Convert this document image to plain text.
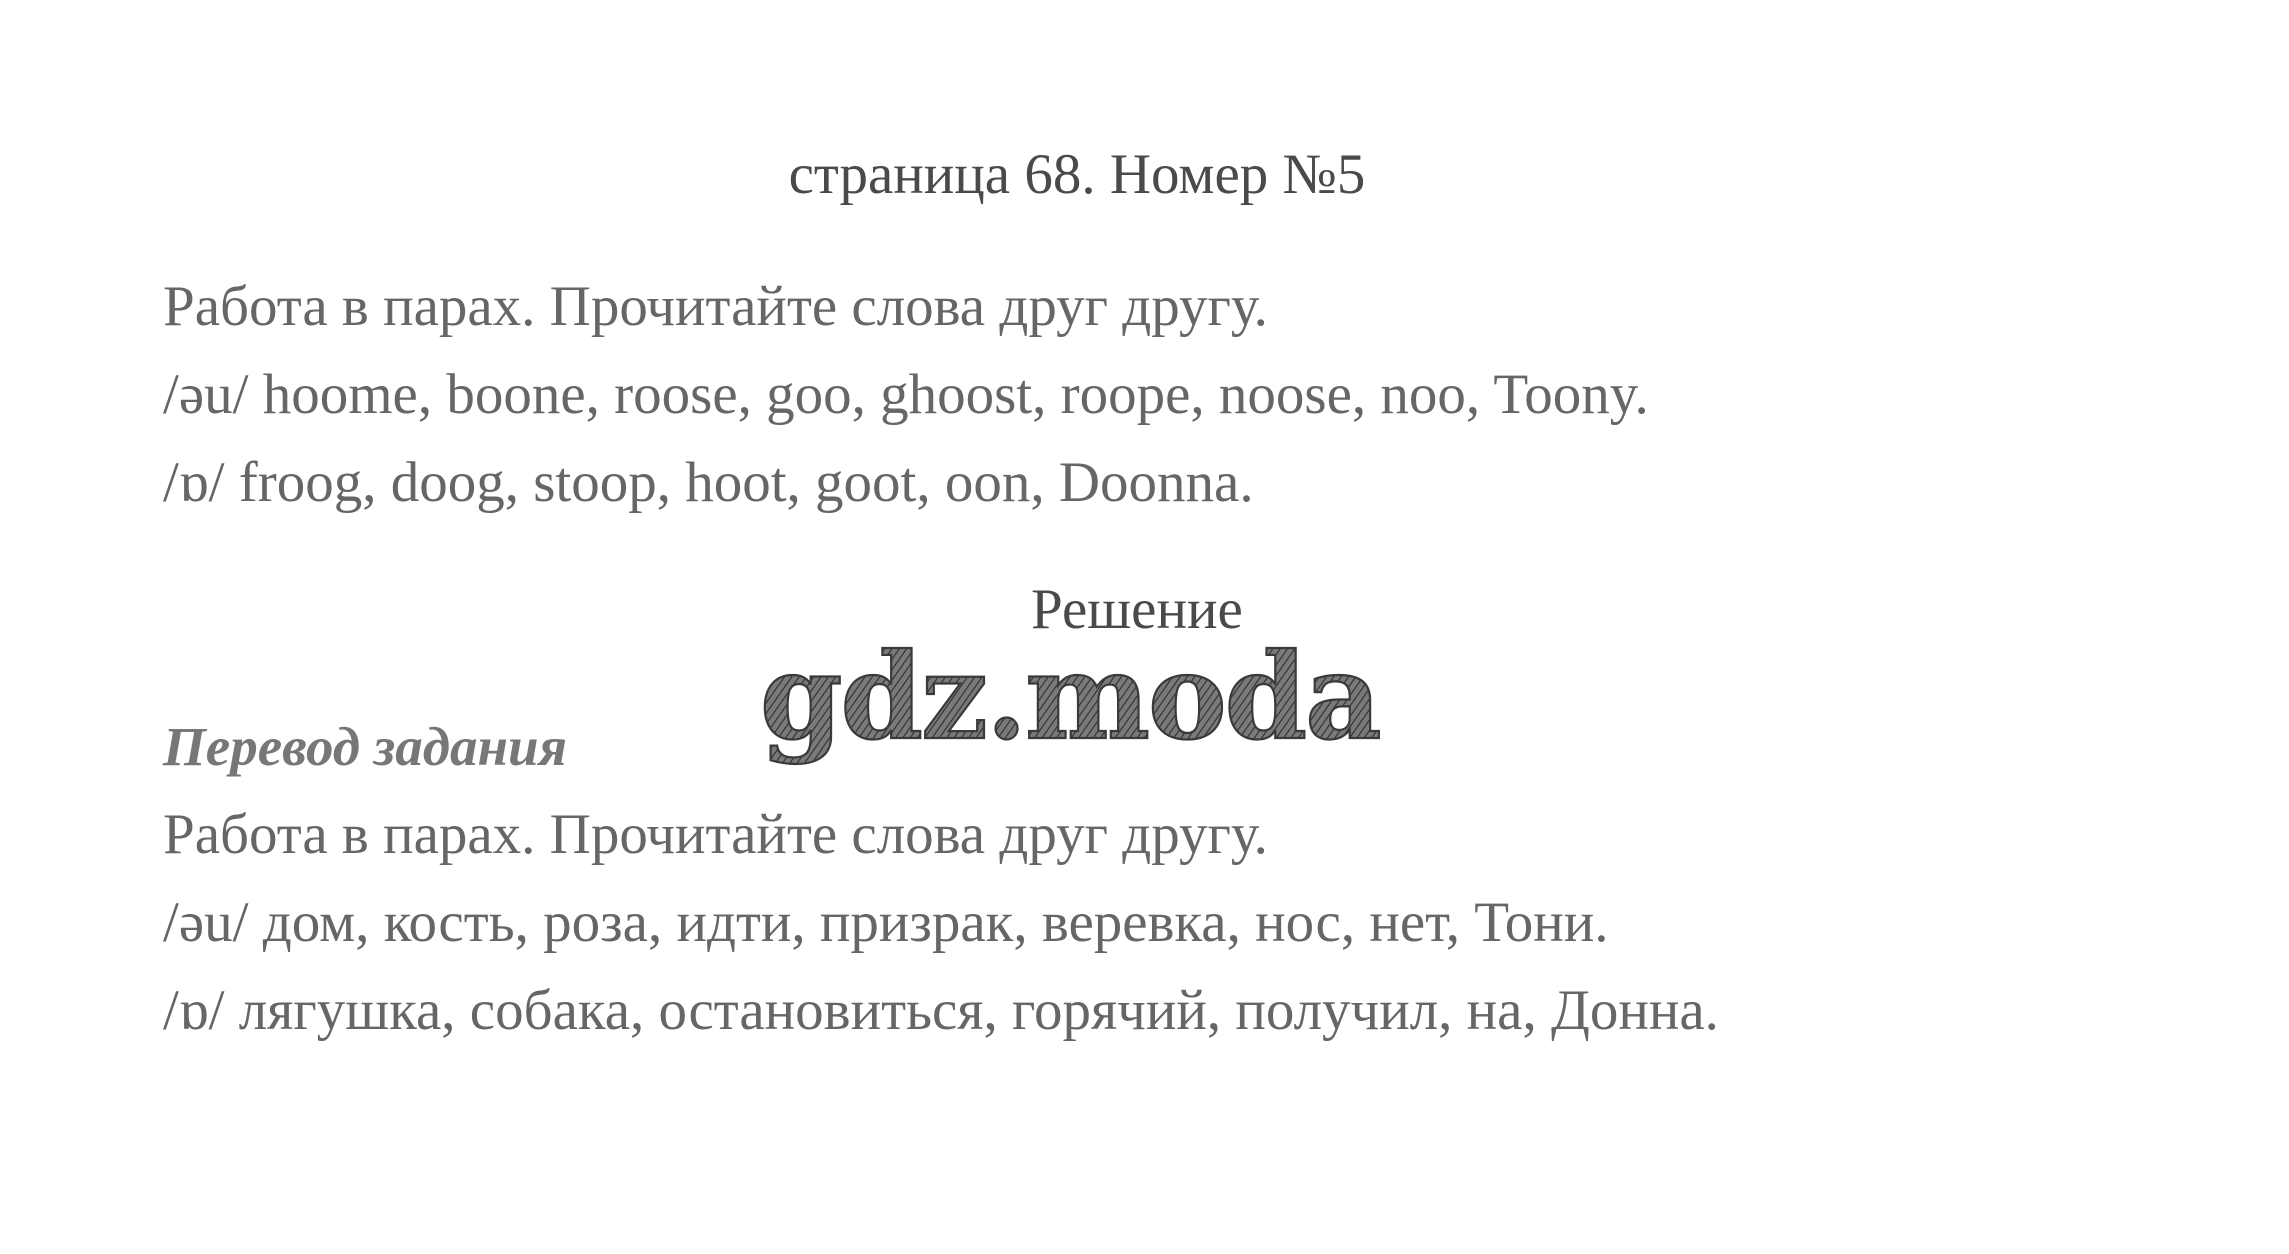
страница 68. Номер №5
Работа в парах. Прочитайте слова друг другу.
/əu/ hoome, boone, roose, goo, ghoost, roope, noose, noo, Toony.
/ɒ/ froog, doog, stoop, hoot, goot, oon, Doonna.
Решение
gdz.moda
Перевод задания
Работа в парах. Прочитайте слова друг другу.
/əu/ дом, кость, роза, идти, призрак, веревка, нос, нет, Тони.
/ɒ/ лягушка, собака, остановиться, горячий, получил, на, Донна.
